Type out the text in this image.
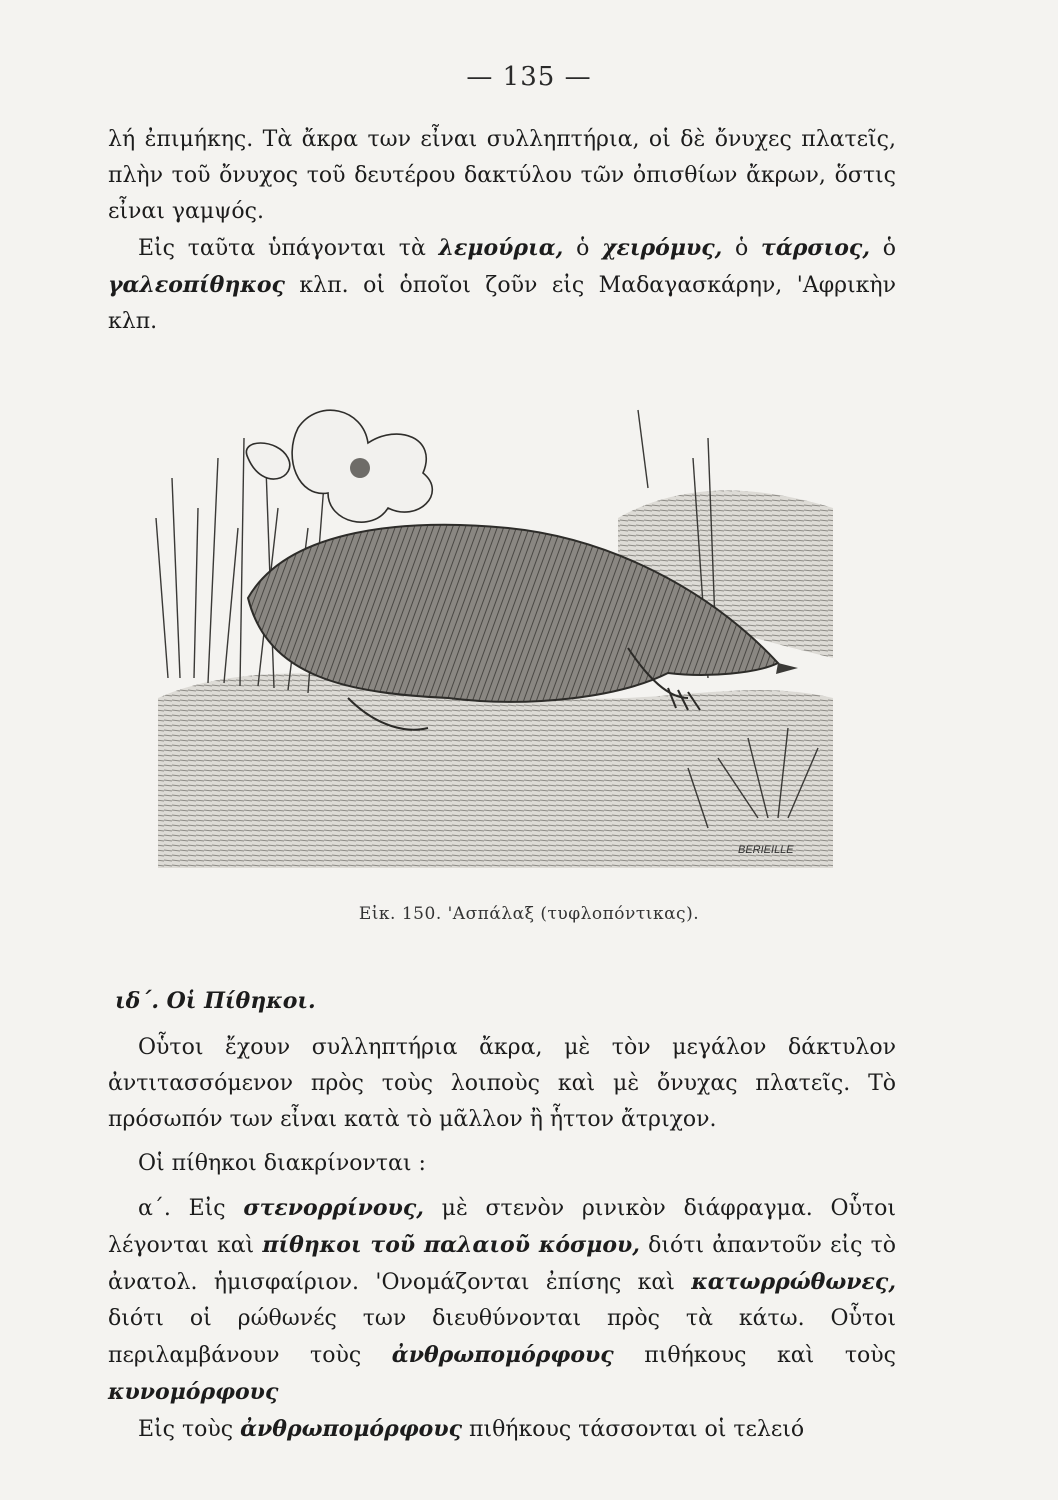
— 135 —

λή ἐπιμήκης. Τὰ ἄκρα των εἶναι συλληπτήρια, οἱ δὲ ὄνυχες πλατεῖς, πλὴν τοῦ ὄνυχος τοῦ δευτέρου δακτύλου τῶν ὀπισθίων ἄκρων, ὅστις εἶναι γαμψός.

Εἰς ταῦτα ὑπάγονται τὰ λεμούρια, ὁ χειρόμυς, ὁ τάρσιος, ὁ γαλεοπίθηκος κλπ. οἱ ὁποῖοι ζοῦν εἰς Μαδαγασκάρην, 'Αφρικὴν κλπ.

BERIEILLE
Εἰκ. 150. 'Ασπάλαξ (τυφλοπόντικας).
ιδ΄. Οἱ Πίθηκοι.

Οὗτοι ἔχουν συλληπτήρια ἄκρα, μὲ τὸν μεγάλον δάκτυλον ἀντιτασσόμενον πρὸς τοὺς λοιποὺς καὶ μὲ ὄνυχας πλατεῖς. Τὸ πρόσωπόν των εἶναι κατὰ τὸ μᾶλλον ἢ ἧττον ἄτριχον.

Οἱ πίθηκοι διακρίνονται :

α΄. Εἰς στενορρίνους, μὲ στενὸν ρινικὸν διάφραγμα. Οὗτοι λέγονται καὶ πίθηκοι τοῦ παλαιοῦ κόσμου, διότι ἀπαντοῦν εἰς τὸ ἀνατολ. ἡμισφαίριον. 'Ονομάζονται ἐπίσης καὶ κατωρρώθωνες, διότι οἱ ρώθωνές των διευθύνονται πρὸς τὰ κάτω. Οὗτοι περιλαμβάνουν τοὺς ἀνθρωπομόρφους πιθήκους καὶ τοὺς κυνομόρφους

Εἰς τοὺς ἀνθρωπομόρφους πιθήκους τάσσονται οἱ τελειό
